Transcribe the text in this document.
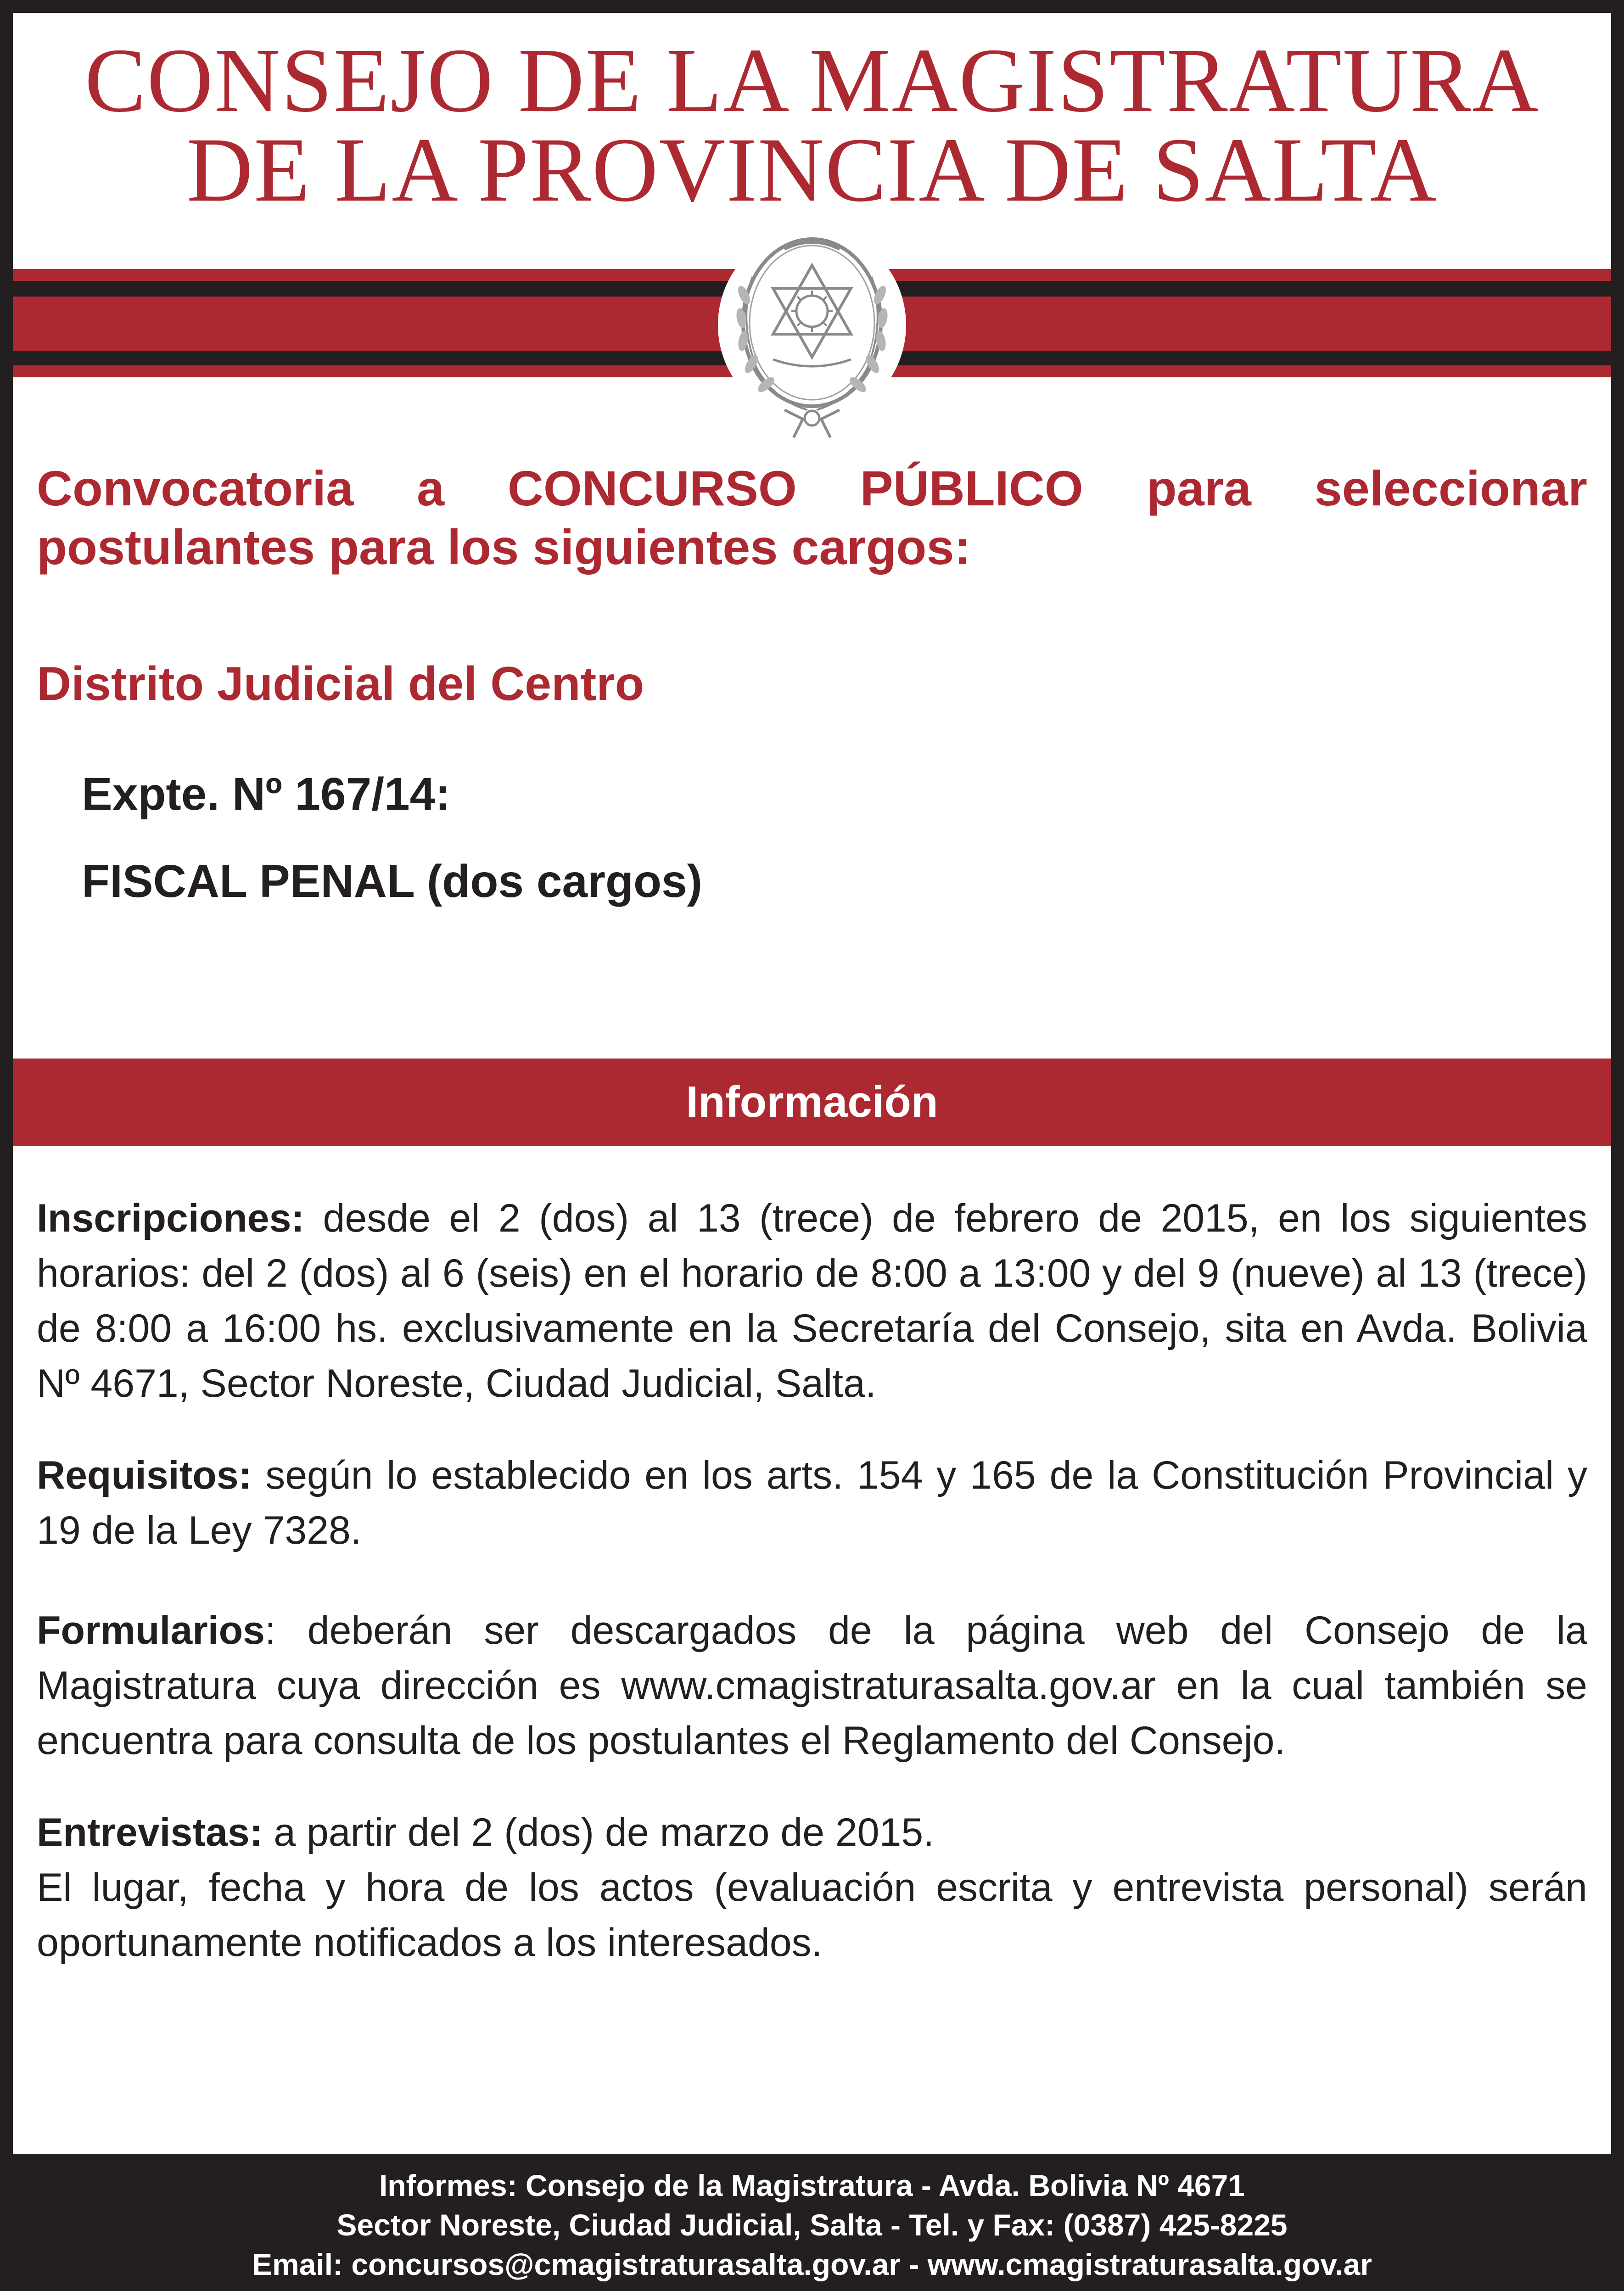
CONSEJO DE LA MAGISTRATURA
DE LA PROVINCIA DE SALTA
Convocatoria a CONCURSO PÚBLICO para seleccionar postulantes para los siguientes cargos:
Distrito Judicial del Centro
Expte. Nº 167/14:
FISCAL PENAL (dos cargos)
Información
Inscripciones: desde el 2 (dos) al 13 (trece) de febrero de 2015, en los siguientes horarios: del 2 (dos) al 6 (seis) en el horario de 8:00 a 13:00 y del 9 (nueve) al 13 (trece) de 8:00 a 16:00 hs. exclusivamente en la Secretaría del Consejo, sita en Avda. Bolivia Nº 4671, Sector Noreste, Ciudad Judicial, Salta.
Requisitos: según lo establecido en los arts. 154 y 165 de la Constitución Provincial y 19 de la Ley 7328.
Formularios: deberán ser descargados de la página web del Consejo de la Magistratura cuya dirección es www.cmagistraturasalta.gov.ar en la cual también se encuentra para consulta de los postulantes el Reglamento del Consejo.
Entrevistas: a partir del 2 (dos) de marzo de 2015.
El lugar, fecha y hora de los actos (evaluación escrita y entrevista personal) serán oportunamente notificados a los interesados.
Informes: Consejo de la Magistratura - Avda. Bolivia Nº 4671
Sector Noreste, Ciudad Judicial, Salta - Tel. y Fax: (0387) 425-8225
Email: concursos@cmagistraturasalta.gov.ar - www.cmagistraturasalta.gov.ar
